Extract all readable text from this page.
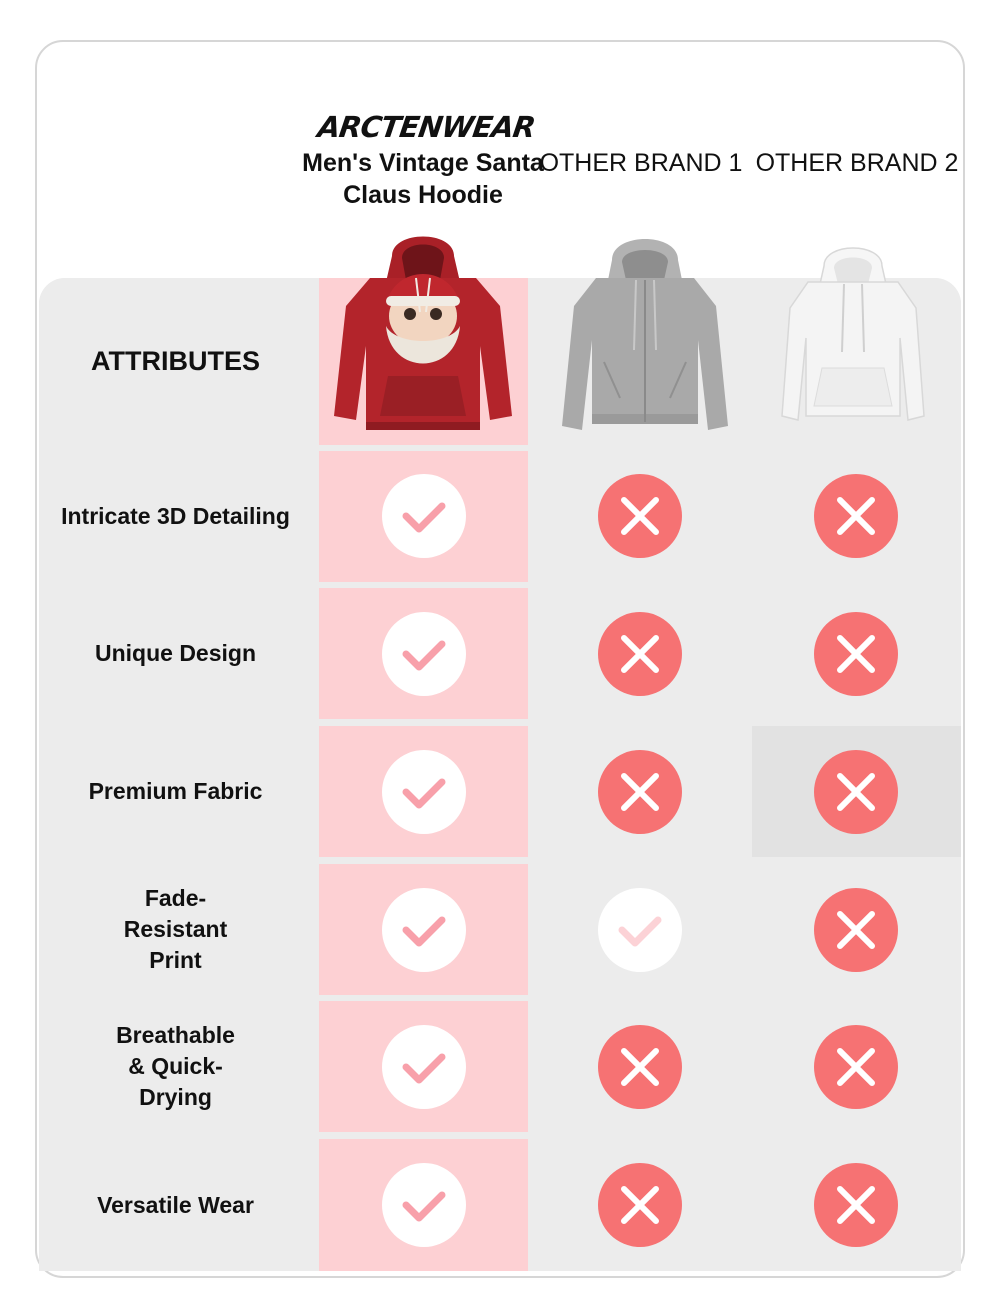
ARCTENWEAR
Men's Vintage Santa Claus Hoodie
OTHER BRAND 1 OTHER BRAND 2
ATTRIBUTES
Intricate 3D Detailing
Unique Design
Premium Fabric
Fade-Resistant Print
Breathable & Quick-Drying
Versatile Wear
